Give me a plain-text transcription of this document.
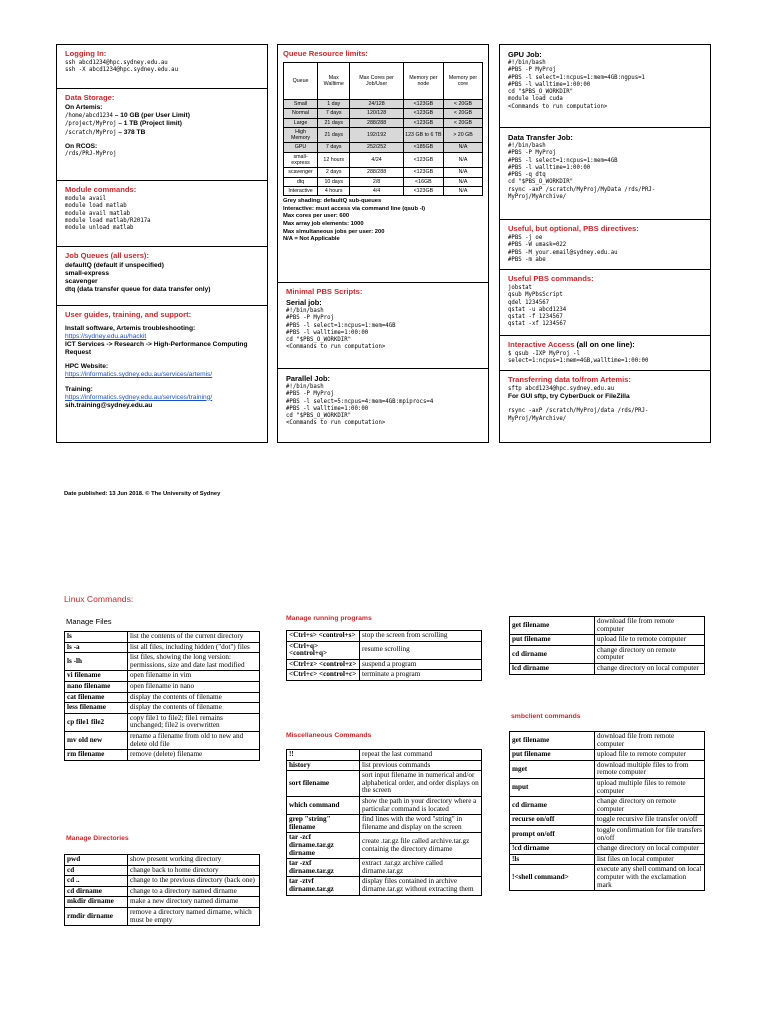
Logging In:
ssh abcd1234@hpc.sydney.edu.au
ssh -X abcd1234@hpc.sydney.edu.au
Data Storage:
On Artemis:
/home/abcd1234 – 10 GB (per User Limit)
/project/MyProj – 1 TB (Project limit)
/scratch/MyProj – 378 TB
On RCOS:
/rds/PRJ-MyProj
Module commands:
module avail
module load matlab
module avail matlab
module load matlab/R2017a
module unload matlab
Job Queues (all users):
defaultQ (default if unspecified)
small-express
scavenger
dtq (data transfer queue for data transfer only)
User guides, training, and support:
Install software, Artemis troubleshooting:
https://sydney.edu.au/hackit
ICT Services -> Research -> High-Performance Computing Request
HPC Website:
https://informatics.sydney.edu.au/services/artemis/
Training:
https://informatics.sydney.edu.au/services/training/
sih.training@sydney.edu.au
Queue Resource limits:
Queue	Max Walltime	Max Cores per Job/User	Memory per node	Memory per core
Small	1 day	24/128	<123GB	< 20GB
Normal	7 days	120/128	<123GB	< 20GB
Large	21 days	288/288	<123GB	< 20GB
High Memory	21 days	192/192	123 GB to 6 TB	> 20 GB
GPU	7 days	252/252	<185GB	N/A
small-express	12 hours	4/24	<123GB	N/A
scavenger	2 days	288/288	<123GB	N/A
dtq	10 days	2/8	<16GB	N/A
Interactive	4 hours	4/4	<123GB	N/A
Grey shading: defaultQ sub-queues
Interactive: must access via command line (qsub -I)
Max cores per user: 600
Max array job elements: 1000
Max simultaneous jobs per user: 200
N/A = Not Applicable
Minimal PBS Scripts:
Serial job:
#!/bin/bash
#PBS -P MyProj
#PBS -l select=1:ncpus=1:mem=4GB
#PBS -l walltime=1:00:00
cd "$PBS_O_WORKDIR"
<Commands to run computation>
Parallel Job:
#!/bin/bash
#PBS -P MyProj
#PBS -l select=5:ncpus=4:mem=4GB:mpiprocs=4
#PBS -l walltime=1:00:00
cd "$PBS_O_WORKDIR"
<Commands to run computation>
GPU Job:
#!/bin/bash
#PBS -P MyProj
#PBS -l select=1:ncpus=1:mem=4GB:ngpus=1
#PBS -l walltime=1:00:00
cd "$PBS_O_WORKDIR"
module load cuda
<Commands to run computation>
Data Transfer Job:
#!/bin/bash
#PBS -P MyProj
#PBS -l select=1:ncpus=1:mem=4GB
#PBS -l walltime=1:00:00
#PBS -q dtq
cd "$PBS_O_WORKDIR"
rsync -axP /scratch/MyProj/MyData /rds/PRJ-
MyProj/MyArchive/
Useful, but optional, PBS directives:
#PBS -j oe
#PBS -W umask=022
#PBS -M your.email@sydney.edu.au
#PBS -m abe
Useful PBS commands:
jobstat
qsub MyPbsScript
qdel 1234567
qstat -u abcd1234
qstat -f 1234567
qstat -xf 1234567
Interactive Access (all on one line):
$ qsub -IXP MyProj -l
select=1:ncpus=1:mem=4GB,walltime=1:00:00
Transferring data to/from Artemis:
sftp abcd1234@hpc.sydney.edu.au
For GUI sftp, try CyberDuck or FileZilla
rsync -axP /scratch/MyProj/data /rds/PRJ-
MyProj/MyArchive/
Date published: 13 Jun 2018. © The University of Sydney
Linux Commands:
Manage Files
ls	list the contents of the current directory
ls -a	list all files, including hidden ("dot") files
ls -lh	list files, showing the long version: permissions, size and date last modified
vi filename	open filename in vim
nano filename	open filename in nano
cat filename	display the contents of filename
less filename	display the contents of filename
cp file1 file2	copy file1 to file2; file1 remains unchanged; file2 is overwritten
mv old new	rename a filename from old to new and delete old file
rm filename	remove (delete) filename
Manage Directories
pwd	show present working directory
cd	change back to home directory
cd ..	change to the previous directory (back one)
cd dirname	change to a directory named dirname
mkdir dirname	make a new directory named dirname
rmdir dirname	remove a directory named dirname, which must be empty
Manage running programs
<Ctrl+s> <control+s>	stop the screen from scrolling
<Ctrl+q> <control+q>	resume scrolling
<Ctrl+z> <control+z>	suspend a program
<Ctrl+c> <control+c>	terminate a program
Miscellaneous Commands
!!	repeat the last command
history	list previous commands
sort filename	sort input filename in numerical and/or alphabetical order, and order displays on the screen
which command	show the path in your directory where a particular command is located
grep "string" filename	find lines with the word "string" in filename and display on the screen
tar -zcf dirname.tar.gz dirname	create .tar.gz file called archive.tar.gz containig the directory dirname
tar -zxf dirname.tar.gz	extract .tar.gz archive called dirname.tar.gz
tar -ztvf dirname.tar.gz	display files contained in archive dirname.tar.gz without extracting them
get filename	download file from remote computer
put filename	upload file to remote computer
cd dirname	change directory on remote computer
lcd dirname	change directory on local computer
smbclient commands
get filename	download file from remote computer
put filename	upload file to remote computer
mget	download multiple files to from remote computer
mput	upload multiple files to remote computer
cd dirname	change directory on remote computer
recurse on/off	toggle recursive file transfer on/off
prompt on/off	toggle confirmation for file transfers on/off
!cd dirname	change directory on local computer
!ls	list files on local computer
!<shell command>	execute any shell command on local computer with the exclamation mark
